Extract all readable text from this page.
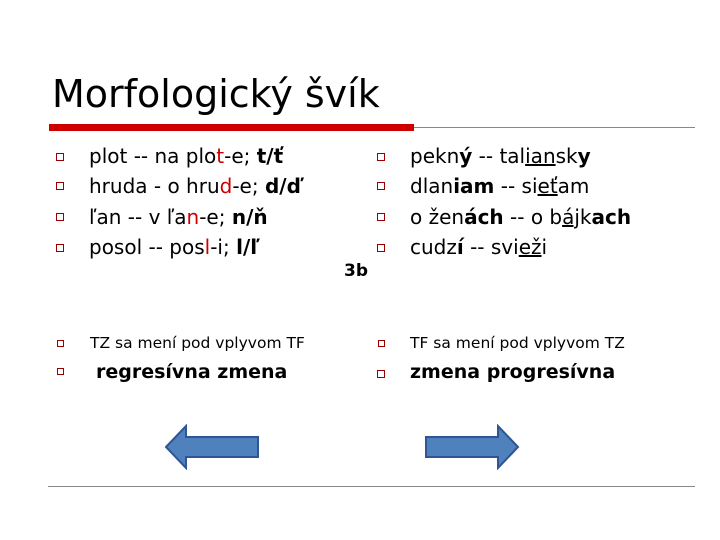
Morfologický švík
plot -- na plot-e; t/ť
hruda - o hrud-e; d/ď
ľan -- v ľan-e; n/ň
posol -- posl-i; l/ľ
pekný -- taliansky
dlaniam -- sieťam
o ženách -- o bájkach
cudzí -- svieži
3b
TZ sa mení pod vplyvom TF	TF sa mení pod vplyvom TZ
regresívna zmena	zmena progresívna
